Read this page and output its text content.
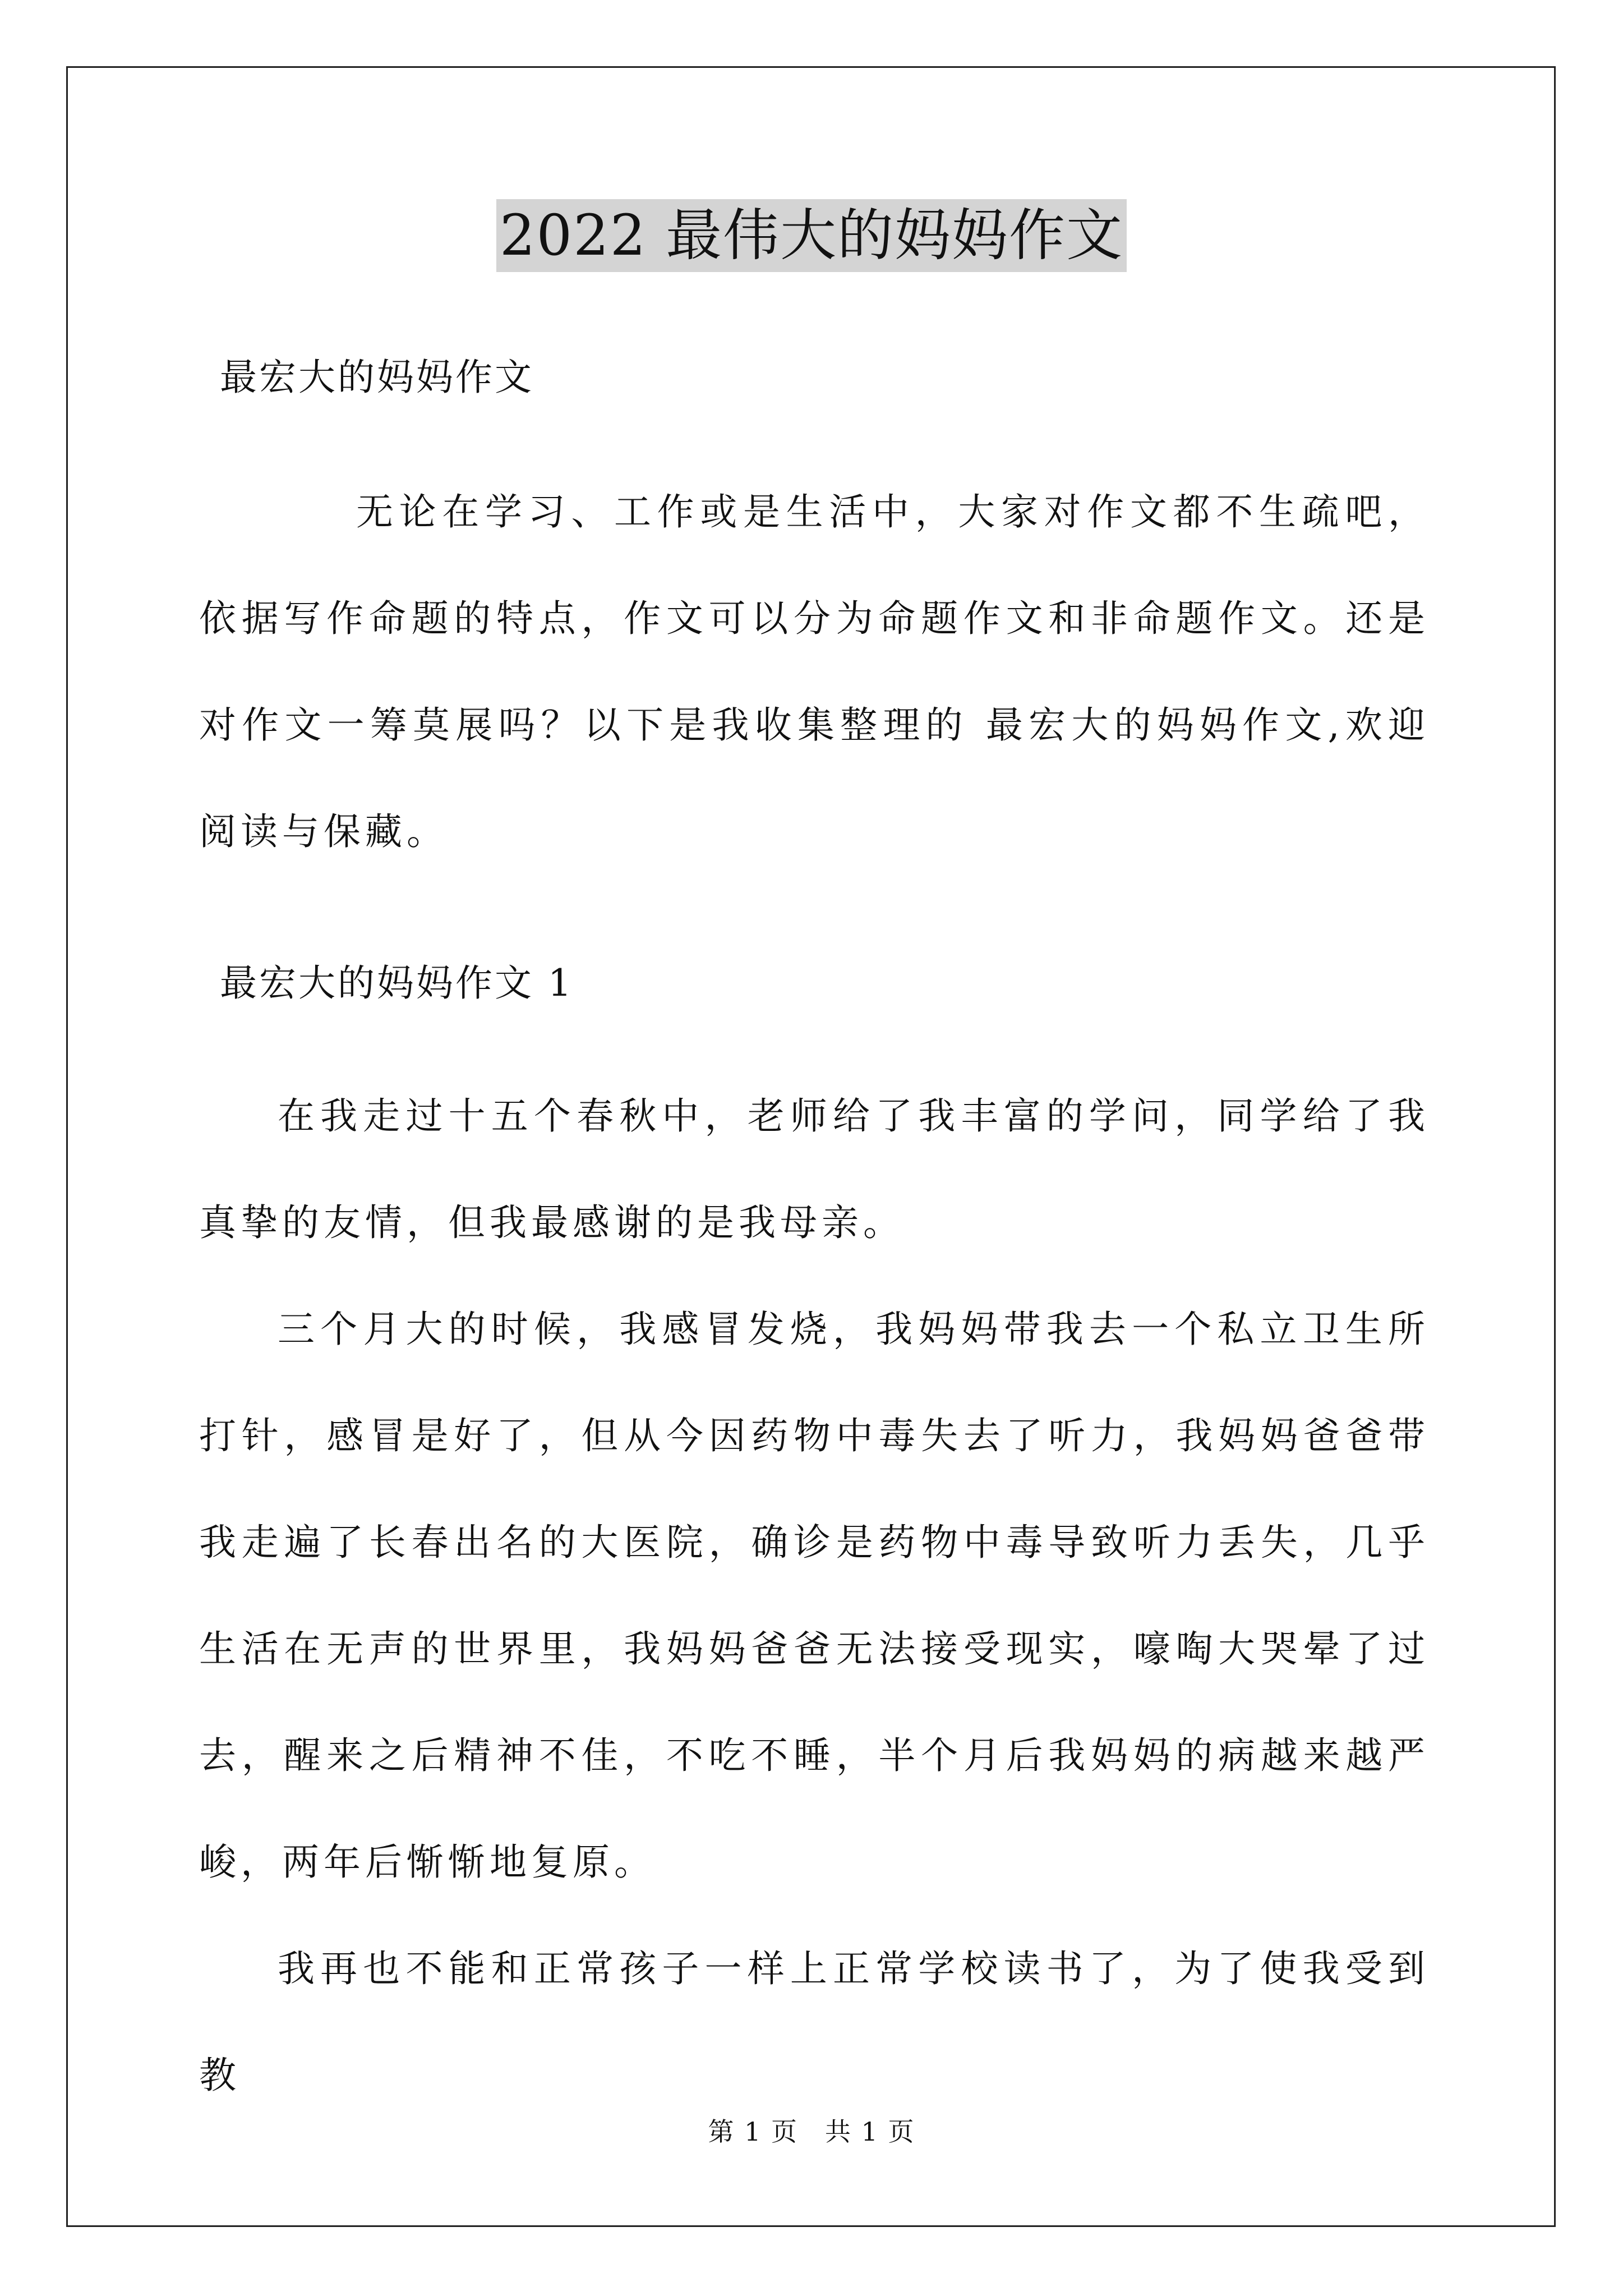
2022 最伟大的妈妈作文
最宏大的妈妈作文

无论在学习、工作或是生活中，大家对作文都不生疏吧，依据写作命题的特点，作文可以分为命题作文和非命题作文。还是对作文一筹莫展吗？以下是我收集整理的 最宏大的妈妈作文,欢迎阅读与保藏。

最宏大的妈妈作文 1

在我走过十五个春秋中，老师给了我丰富的学问，同学给了我真挚的友情，但我最感谢的是我母亲。

三个月大的时候，我感冒发烧，我妈妈带我去一个私立卫生所打针，感冒是好了，但从今因药物中毒失去了听力，我妈妈爸爸带我走遍了长春出名的大医院，确诊是药物中毒导致听力丢失，几乎生活在无声的世界里，我妈妈爸爸无法接受现实，嚎啕大哭晕了过去，醒来之后精神不佳，不吃不睡，半个月后我妈妈的病越来越严峻，两年后惭惭地复原。

我再也不能和正常孩子一样上正常学校读书了，为了使我受到教

第 1 页 共 1 页
